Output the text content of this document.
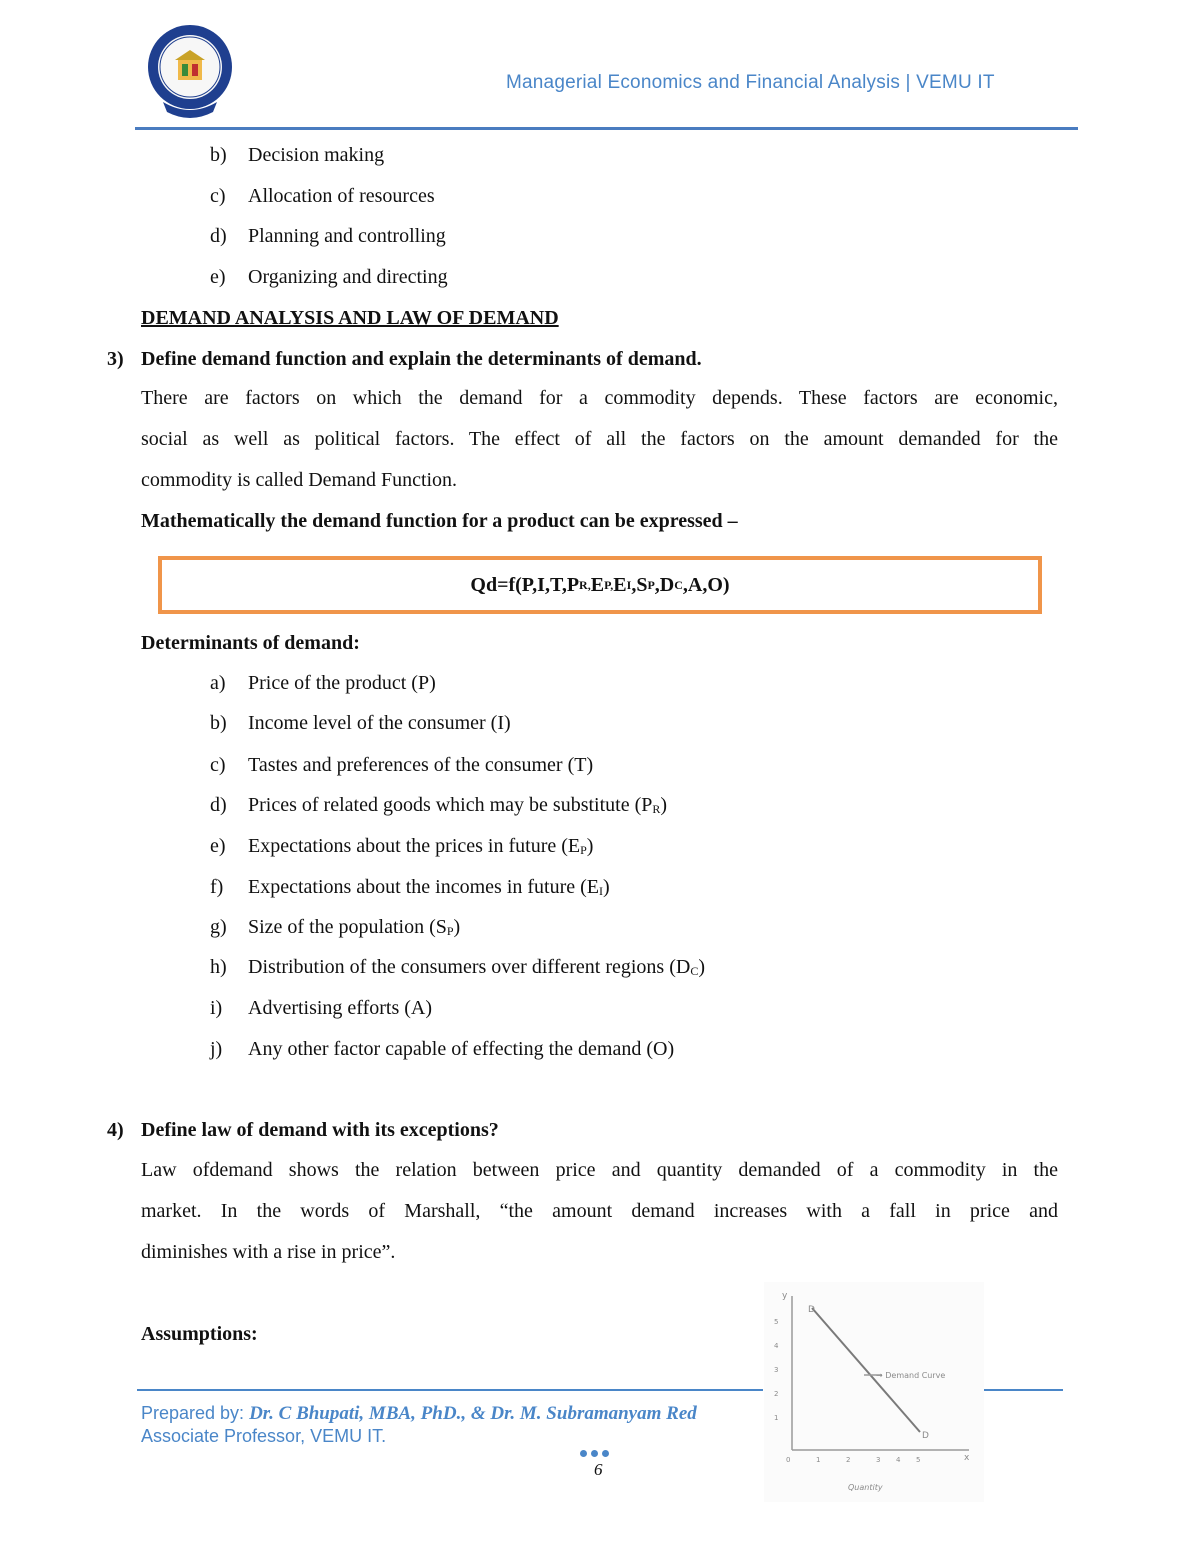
Managerial Economics and Financial Analysis | VEMU IT
b) Decision making
c) Allocation of resources
d) Planning and controlling
e) Organizing and directing
DEMAND ANALYSIS AND LAW OF DEMAND
3) Define demand function and explain the determinants of demand.
There are factors on which the demand for a commodity depends. These factors are economic,
social as well as political factors. The effect of all the factors on the amount demanded for the
commodity is called Demand Function.
Mathematically the demand function for a product can be expressed –
Qd=f(P,I,T,P R, E P, E I ,S P ,D C ,A,O)
Determinants of demand:
a) Price of the product (P)
b) Income level of the consumer (I)
c) Tastes and preferences of the consumer (T)
d) Prices of related goods which may be substitute $(P_R)$
e) Expectations about the prices in future $(E_P)$
f) Expectations about the incomes in future $(E_I)$
g) Size of the population $(S_P)$
h) Distribution of the consumers over different regions $(D_C)$
i) Advertising efforts (A)
j) Any other factor capable of effecting the demand (O)
4) Define law of demand with its exceptions?
Law ofdemand shows the relation between price and quantity demanded of a commodity in the
market. In the words of Marshall, “the amount demand increases with a fall in price and
diminishes with a rise in price”.
Assumptions:
y
x
D
D
→ Demand Curve
0	1	2	3 4 5
5
4
3
2
1
Quantity
Prepared by: Dr. C Bhupati, MBA, PhD., & Dr. M. Subramanyam Red
Associate Professor, VEMU IT.
6
